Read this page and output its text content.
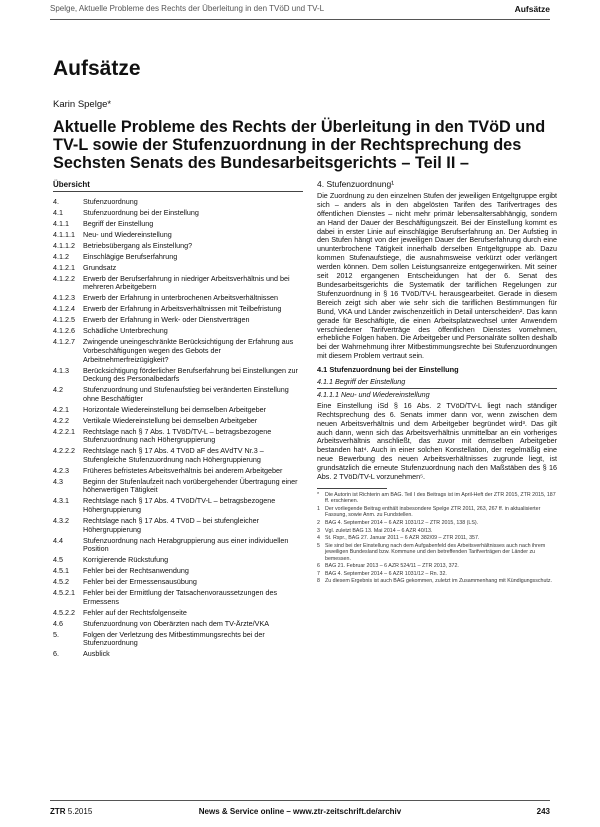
Spelge, Aktuelle Probleme des Rechts der Überleitung in den TVöD und TV-L	Aufsätze
Aufsätze
Karin Spelge*
Aktuelle Probleme des Rechts der Überleitung in den TVöD und TV-L sowie der Stufenzuordnung in der Rechtsprechung des Sechsten Senats des Bundesarbeitsgerichts – Teil II –
Übersicht
4.	Stufenzuordnung
4.1	Stufenzuordnung bei der Einstellung
4.1.1	Begriff der Einstellung
4.1.1.1	Neu- und Wiedereinstellung
4.1.1.2	Betriebsübergang als Einstellung?
4.1.2	Einschlägige Berufserfahrung
4.1.2.1	Grundsatz
4.1.2.2	Erwerb der Berufserfahrung in niedriger Arbeitsverhältnis und bei mehreren Arbeitgebern
4.1.2.3	Erwerb der Erfahrung in unterbrochenen Arbeitsverhältnissen
4.1.2.4	Erwerb der Erfahrung in Arbeitsverhältnissen mit Teilbefristung
4.1.2.5	Erwerb der Erfahrung in Werk- oder Dienstverträgen
4.1.2.6	Schädliche Unterbrechung
4.1.2.7	Zwingende uneingeschränkte Berücksichtigung der Erfahrung aus Vorbeschäftigungen wegen des Gebots der Arbeitnehmerfreizügigkeit?
4.1.3	Berücksichtigung förderlicher Berufserfahrung bei Einstellungen zur Deckung des Personalbedarfs
4.2	Stufenzuordnung und Stufenaufstieg bei veränderten Einstellung ohne Beschäftigter
4.2.1	Horizontale Wiedereinstellung bei demselben Arbeitgeber
4.2.2	Vertikale Wiedereinstellung bei demselben Arbeitgeber
4.2.2.1	Rechtslage nach § 7 Abs. 1 TVöD/TV-L – betragsbezogene Stufenzuordnung nach Höhergruppierung
4.2.2.2	Rechtslage nach § 17 Abs. 4 TVöD aF des AVdTV Nr.3 – Stufengleiche Stufenzuordnung nach Höhergruppierung
4.2.3	Früheres befristetes Arbeitsverhältnis bei anderem Arbeitgeber
4.3	Beginn der Stufenlaufzeit nach vorübergehender Übertragung einer höherwertigen Tätigkeit
4.3.1	Rechtslage nach § 17 Abs. 4 TVöD/TV-L – betragsbezogene Höhergruppierung
4.3.2	Rechtslage nach § 17 Abs. 4 TVöD – bei stufengleicher Höhergruppierung
4.4	Stufenzuordnung nach Herabgruppierung aus einer individuellen Position
4.5	Korrigierende Rückstufung
4.5.1	Fehler bei der Rechtsanwendung
4.5.2	Fehler bei der Ermessensausübung
4.5.2.1	Fehler bei der Ermittlung der Tatsachenvoraussetzungen des Ermessens
4.5.2.2	Fehler auf der Rechtsfolgenseite
4.6	Stufenzuordnung von Oberärzten nach dem TV-Ärzte/VKA
5.	Folgen der Verletzung des Mitbestimmungsrechts bei der Stufenzuordnung
6.	Ausblick
4. Stufenzuordnung¹

Die Zuordnung zu den einzelnen Stufen der jeweiligen Entgeltgruppe ergibt sich – anders als in den abgelösten Tarifen des Tarifvertrages des öffentlichen Dienstes – nicht mehr primär lebensaltersabhängig, sondern an Hand der Dauer der Beschäftigungszeit. Bei der Einstellung kommt es dabei in erster Linie auf einschlägige Berufserfahrung an. Der Aufstieg in den Stufen hängt von der jeweiligen Dauer der Berufserfahrung durch eine ununterbrochene Tätigkeit innerhalb derselben Entgeltgruppe ab. Dazu kommen Stufenaufstiege, die ausnahmsweise verkürzt oder verlängert werden können. Dem sollen Leistungsanreize entgegenwirken. Mit seiner seit 2012 ergangenen Entscheidungen hat der 6. Senat des Bundesarbeitsgerichts die Systematik der tariflichen Regelungen zur Stufenzuordnung in § 16 TVöD/TV-L herausgearbeitet. Gerade in diesem Bereich zeigt sich aber wie sehr sich die tariflichen Bestimmungen für Bund, VKA und Länder zwischenzeitlich in Detail unterscheiden². Das kann gerade für Beschäftigte, die einen Arbeitsplatzwechsel unter Anwendern verschiedener Tarifverträge des öffentlichen Dienstes vornehmen, erhebliche Folgen haben. Die Arbeitgeber und Personalräte sollten deshalb bei der Wahrnehmung ihrer Mitbestimmungsrechte bei Stufenzuordnungen mit diesem Problem vertraut sein.

4.1 Stufenzuordnung bei der Einstellung
4.1.1 Begriff der Einstellung
4.1.1.1 Neu- und Wiedereinstellung

Eine Einstellung iSd § 16 Abs. 2 TVöD/TV-L liegt nach ständiger Rechtsprechung des 6. Senats immer dann vor, wenn zwischen dem neuen Arbeitsverhältnis und dem Arbeitgeber begründet wird³. Das gilt auch dann, wenn sich das Arbeitsverhältnis unmittelbar an ein vorheriges Arbeitsverhältnis anschließt, das zuvor mit demselben Arbeitgeber bestanden hat⁴. Auch in einer solchen Konstellation, der regelmäßig eine neue Bewerbung des neuen Arbeitsverhältnisses zugrunde liegt, ist grundsätzlich die erneute Stufenzuordnung nach den Maßstäben des § 16 Abs. 2 TVöD/TV-L vorzunehmen⁵.

*	Die Autorin ist Richterin am BAG. Teil I des Beitrags ist im April-Heft der ZTR 2015, ZTR 2015, 187 ff. erschienen.
1 Der vorliegende Beitrag enthält insbesondere Spelge ZTR 2011, 263, 267 ff. in aktualisierter Fassung, sowie Anm. zu Fundstellen.
2 BAG 4. September 2014 – 6 AZR 1031/12 – ZTR 2015, 138 (LS).
3 Vgl. zuletzt BAG 13. Mai 2014 – 6 AZR 40/13.
4 St. Rspr., BAG 27. Januar 2011 – 6 AZR 382/09 – ZTR 2011, 357.
5 Sie sind bei der Einstellung nach dem Aufgabenfeld des Arbeitsverhältnisses auch nach ihrem jeweiligen Bundesland bzw. Kommune und den betreffenden Tarifverträgen der Länder zu bemessen.
6 BAG 21. Februar 2013 – 6 AZR 524/11 – ZTR 2013, 372.
7 BAG 4. September 2014 – 6 AZR 1031/12 – Rn. 32.
8 Zu diesem Ergebnis ist auch BAG gekommen, zuletzt im Zusammenhang mit Kündigungsschutz.
ZTR 5.2015	News & Service online – www.ztr-zeitschrift.de/archiv	243
